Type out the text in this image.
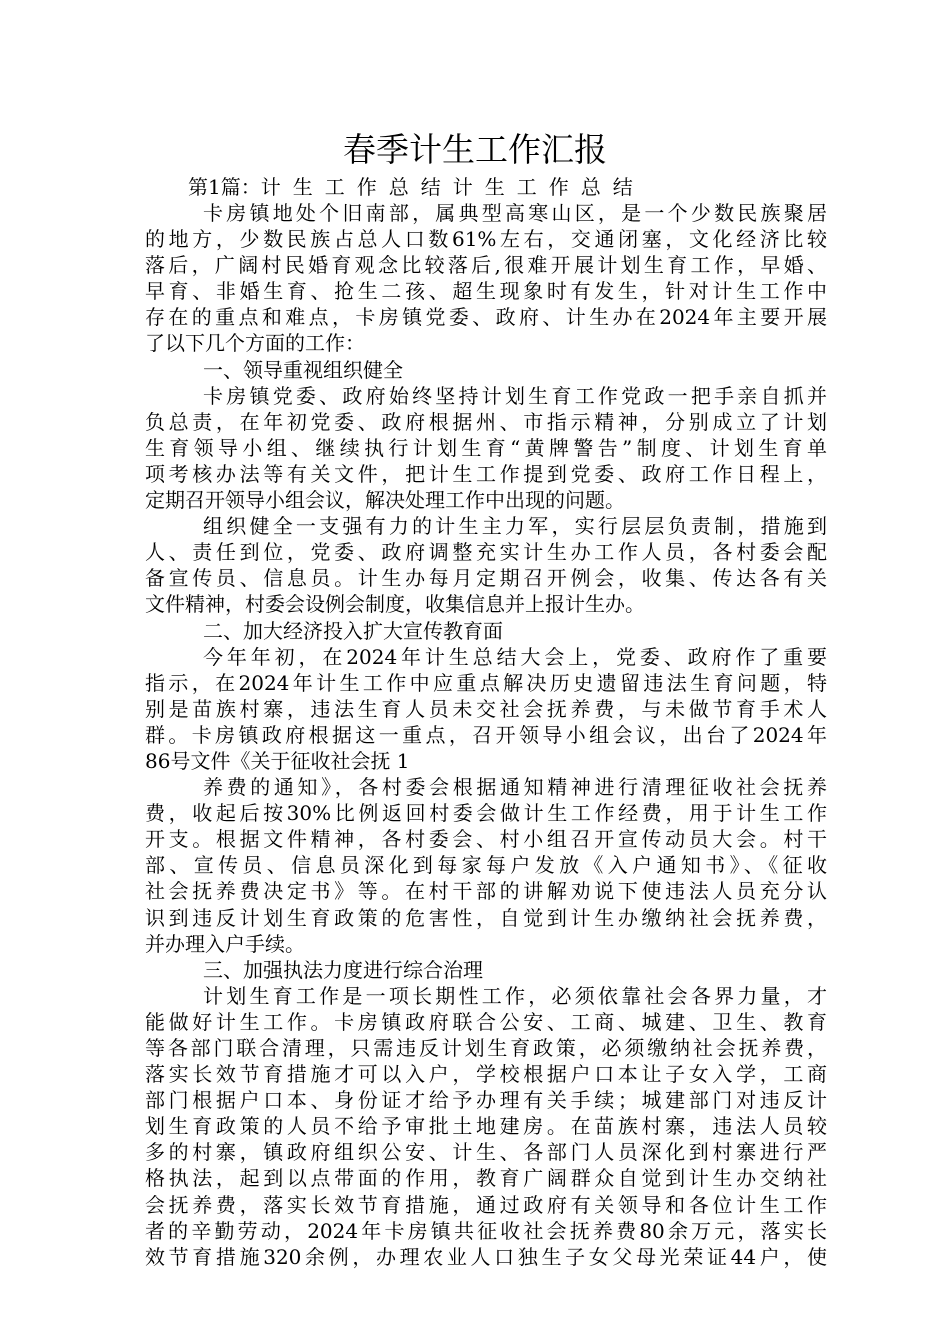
春季计生工作汇报
第1篇：计生工作总结计生工作总结
卡房镇地处个旧南部，属典型高寒山区，是一个少数民族聚居
的地方，少数民族占总人口数61%左右，交通闭塞，文化经济比较
落后，广阔村民婚育观念比较落后,很难开展计划生育工作，早婚、
早育、非婚生育、抢生二孩、超生现象时有发生，针对计生工作中
存在的重点和难点，卡房镇党委、政府、计生办在2024年主要开展
了以下几个方面的工作：
一、领导重视组织健全
卡房镇党委、政府始终坚持计划生育工作党政一把手亲自抓并
负总责，在年初党委、政府根据州、市指示精神，分别成立了计划
生育领导小组、继续执行计划生育“黄牌警告”制度、计划生育单
项考核办法等有关文件，把计生工作提到党委、政府工作日程上，
定期召开领导小组会议，解决处理工作中出现的问题。
组织健全一支强有力的计生主力军，实行层层负责制，措施到
人、责任到位，党委、政府调整充实计生办工作人员，各村委会配
备宣传员、信息员。计生办每月定期召开例会，收集、传达各有关
文件精神，村委会设例会制度，收集信息并上报计生办。
二、加大经济投入扩大宣传教育面
今年年初，在2024年计生总结大会上，党委、政府作了重要
指示，在2024年计生工作中应重点解决历史遗留违法生育问题，特
别是苗族村寨，违法生育人员未交社会抚养费，与未做节育手术人
群。卡房镇政府根据这一重点，召开领导小组会议，出台了2024年
86号文件《关于征收社会抚 1
养费的通知》，各村委会根据通知精神进行清理征收社会抚养
费，收起后按30%比例返回村委会做计生工作经费，用于计生工作
开支。根据文件精神，各村委会、村小组召开宣传动员大会。村干
部、宣传员、信息员深化到每家每户发放《入户通知书》、《征收
社会抚养费决定书》等。在村干部的讲解劝说下使违法人员充分认
识到违反计划生育政策的危害性，自觉到计生办缴纳社会抚养费，
并办理入户手续。
三、加强执法力度进行综合治理
计划生育工作是一项长期性工作，必须依靠社会各界力量，才
能做好计生工作。卡房镇政府联合公安、工商、城建、卫生、教育
等各部门联合清理，只需违反计划生育政策，必须缴纳社会抚养费，
落实长效节育措施才可以入户，学校根据户口本让子女入学，工商
部门根据户口本、身份证才给予办理有关手续；城建部门对违反计
划生育政策的人员不给予审批土地建房。在苗族村寨，违法人员较
多的村寨，镇政府组织公安、计生、各部门人员深化到村寨进行严
格执法，起到以点带面的作用，教育广阔群众自觉到计生办交纳社
会抚养费，落实长效节育措施，通过政府有关领导和各位计生工作
者的辛勤劳动，2024年卡房镇共征收社会抚养费80余万元，落实长
效节育措施320余例，办理农业人口独生子女父母光荣证44户，使
